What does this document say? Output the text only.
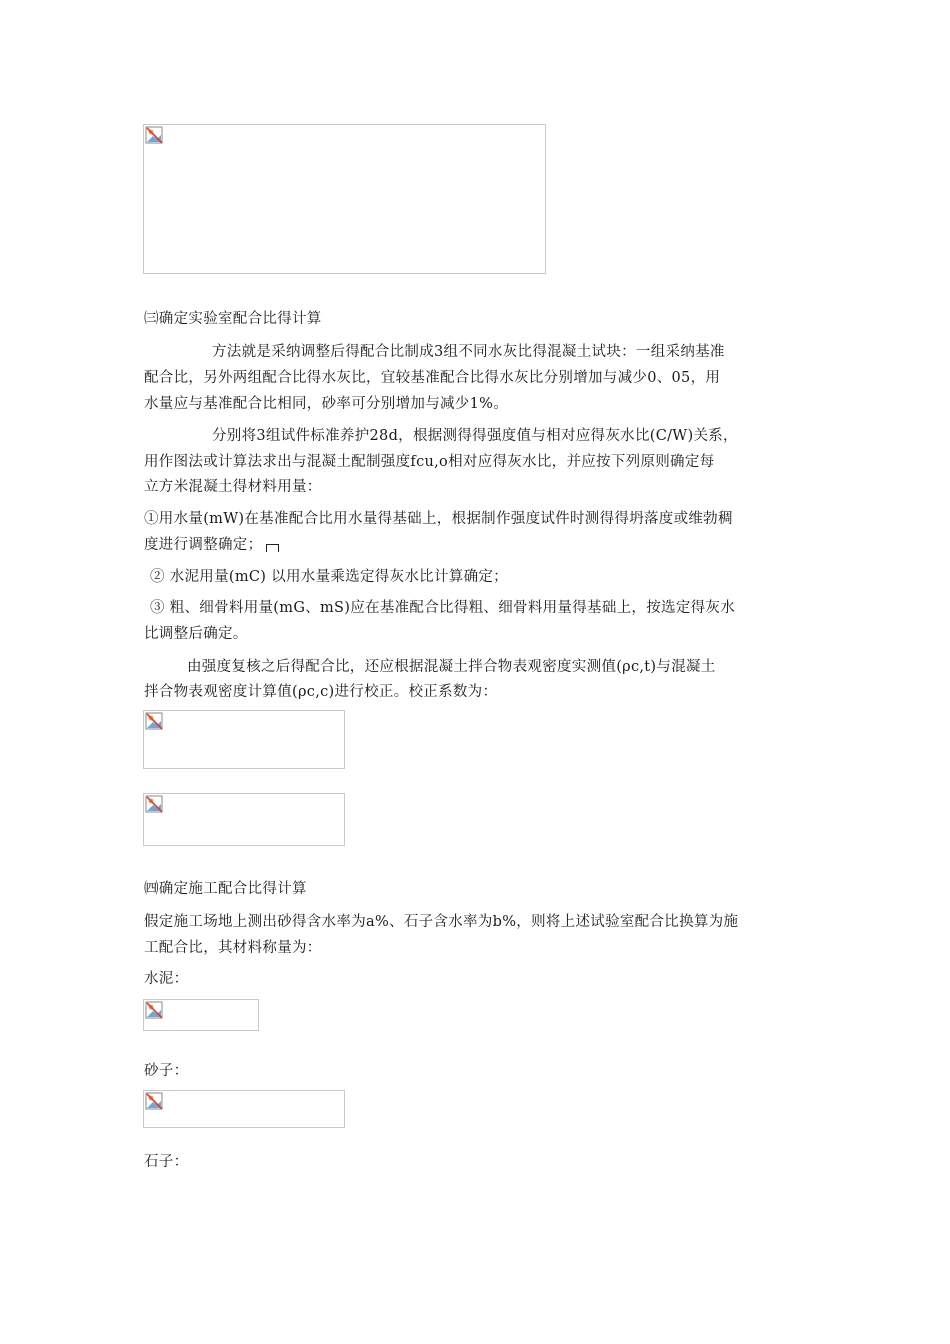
㈢确定实验室配合比得计算
方法就是采纳调整后得配合比制成3组不同水灰比得混凝土试块：一组采纳基准
配合比，另外两组配合比得水灰比，宜较基准配合比得水灰比分别增加与减少0、05，用
水量应与基准配合比相同，砂率可分别增加与减少1%。
分别将3组试件标准养护28d，根据测得得强度值与相对应得灰水比(C/W)关系，
用作图法或计算法求出与混凝土配制强度fcu,o相对应得灰水比，并应按下列原则确定每
立方米混凝土得材料用量：
①用水量(mW)在基准配合比用水量得基础上，根据制作强度试件时测得得坍落度或维勃稠
度进行调整确定；
② 水泥用量(mC) 以用水量乘选定得灰水比计算确定；
③ 粗、细骨料用量(mG、mS)应在基准配合比得粗、细骨料用量得基础上，按选定得灰水
比调整后确定。
由强度复核之后得配合比，还应根据混凝土拌合物表观密度实测值(ρc,t)与混凝土
拌合物表观密度计算值(ρc,c)进行校正。校正系数为：
㈣确定施工配合比得计算
假定施工场地上测出砂得含水率为a%、石子含水率为b%，则将上述试验室配合比换算为施
工配合比，其材料称量为：
水泥：
砂子：
石子：
